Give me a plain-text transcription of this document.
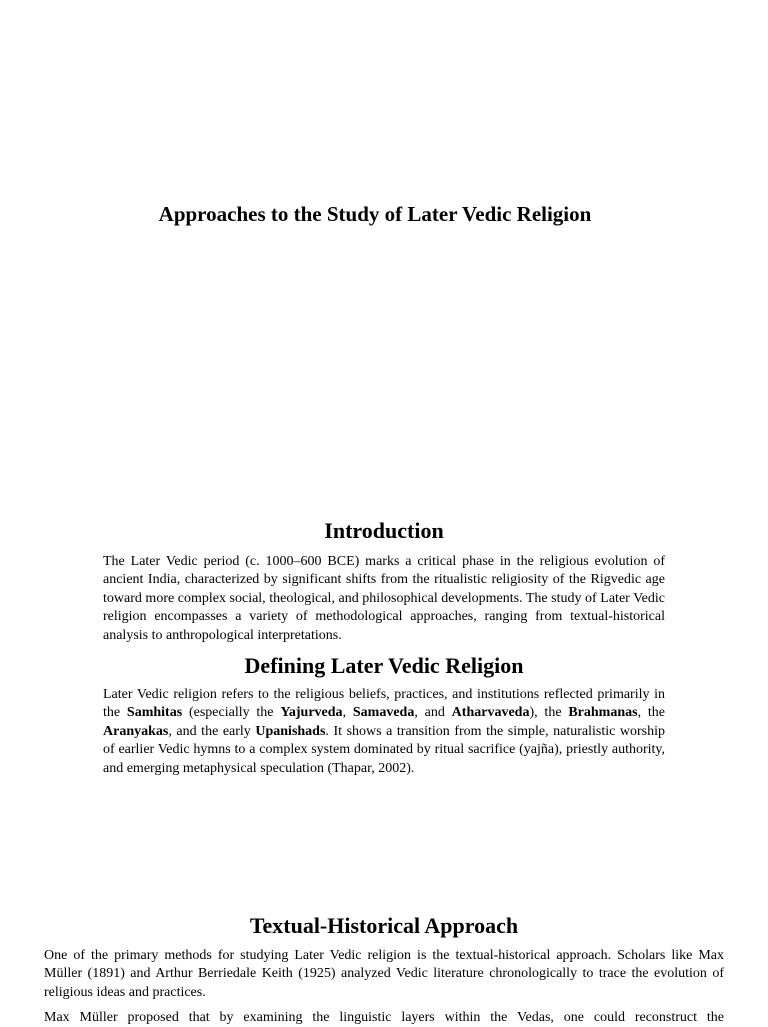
Approaches to the Study of Later Vedic Religion
Introduction

The Later Vedic period (c. 1000–600 BCE) marks a critical phase in the religious evolution of ancient India, characterized by significant shifts from the ritualistic religiosity of the Rigvedic age toward more complex social, theological, and philosophical developments. The study of Later Vedic religion encompasses a variety of methodological approaches, ranging from textual-historical analysis to anthropological interpretations.

Defining Later Vedic Religion

Later Vedic religion refers to the religious beliefs, practices, and institutions reflected primarily in the Samhitas (especially the Yajurveda, Samaveda, and Atharvaveda), the Brahmanas, the Aranyakas, and the early Upanishads. It shows a transition from the simple, naturalistic worship of earlier Vedic hymns to a complex system dominated by ritual sacrifice (yajña), priestly authority, and emerging metaphysical speculation (Thapar, 2002).

Textual-Historical Approach

One of the primary methods for studying Later Vedic religion is the textual-historical approach. Scholars like Max Müller (1891) and Arthur Berriedale Keith (1925) analyzed Vedic literature chronologically to trace the evolution of religious ideas and practices.

Max Müller proposed that by examining the linguistic layers within the Vedas, one could reconstruct the
